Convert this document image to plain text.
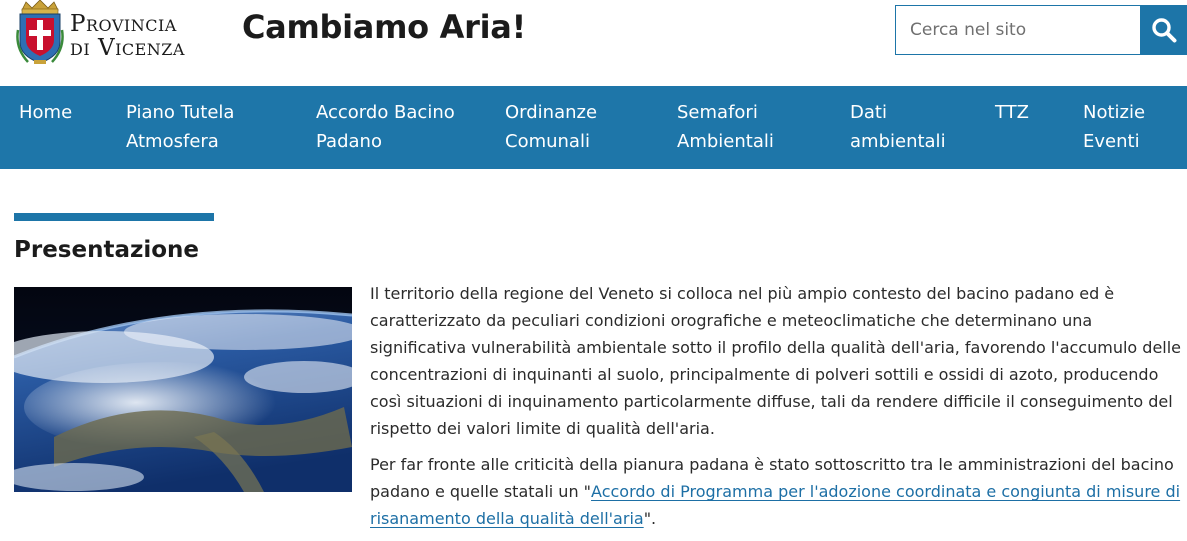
Provincia
di Vicenza
Cambiamo Aria!
Cerca nel sito
Home	Piano Tutela
Atmosfera
Accordo Bacino
Padano
Ordinanze
Comunali
Semafori
Ambientali
Dati
ambientali
TTZ	Notizie
Eventi
Presentazione

Il territorio della regione del Veneto si colloca nel più ampio contesto del bacino padano ed è caratterizzato da peculiari condizioni orografiche e meteoclimatiche che determinano una significativa vulnerabilità ambientale sotto il profilo della qualità dell'aria, favorendo l'accumulo delle concentrazioni di inquinanti al suolo, principalmente di polveri sottili e ossidi di azoto, producendo così situazioni di inquinamento particolarmente diffuse, tali da rendere difficile il conseguimento del rispetto dei valori limite di qualità dell'aria.

Per far fronte alle criticità della pianura padana è stato sottoscritto tra le amministrazioni del bacino padano e quelle statali un "Accordo di Programma per l'adozione coordinata e congiunta di misure di risanamento della qualità dell'aria".
